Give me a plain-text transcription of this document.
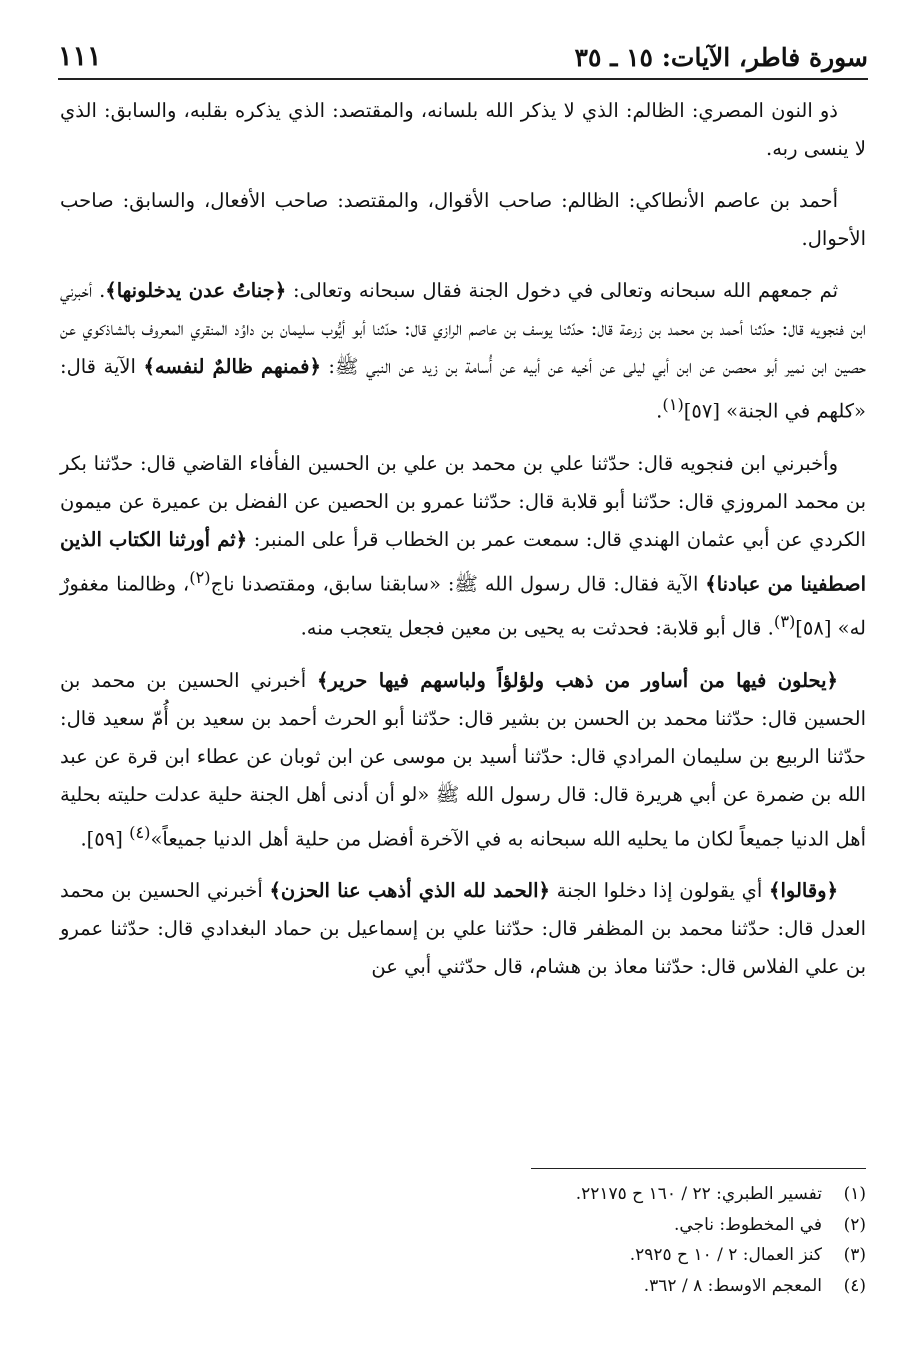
سورة فاطر، الآيات: ١٥ ـ ٣٥
١١١

ذو النون المصري: الظالم: الذي لا يذكر الله بلسانه، والمقتصد: الذي يذكره بقلبه، والسابق: الذي لا ينسى ربه.

أحمد بن عاصم الأنطاكي: الظالم: صاحب الأقوال، والمقتصد: صاحب الأفعال، والسابق: صاحب الأحوال.

ثم جمعهم الله سبحانه وتعالى في دخول الجنة فقال سبحانه وتعالى: ﴿جناتُ عدن يدخلونها﴾. أخبرني ابن فنجويه قال: حدّثنا أحمد بن محمد بن زرعة قال: حدّثنا يوسف بن عاصم الرازي قال: حدّثنا أبو أيُّوب سليمان بن داوُد المنقري المعروف بالشاذكوي عن حصين ابن نمير أبو محصن عن ابن أبي ليلى عن أخيه عن أبيه عن أُسامة بن زيد عن النبي ﷺ: ﴿فمنهم ظالمٌ لنفسه﴾ الآية قال: «كلهم في الجنة» [٥٧]$^{(١)}$.

وأخبرني ابن فنجويه قال: حدّثنا علي بن محمد بن علي بن الحسين الفأفاء القاضي قال: حدّثنا بكر بن محمد المروزي قال: حدّثنا أبو قلابة قال: حدّثنا عمرو بن الحصين عن الفضل بن عميرة عن ميمون الكردي عن أبي عثمان الهندي قال: سمعت عمر بن الخطاب قرأ على المنبر: ﴿ثم أورثنا الكتاب الذين اصطفينا من عبادنا﴾ الآية فقال: قال رسول الله ﷺ: «سابقنا سابق، ومقتصدنا ناج$^{(٢)}$، وظالمنا مغفورٌ له» [٥٨]$^{(٣)}$. قال أبو قلابة: فحدثت به يحيى بن معين فجعل يتعجب منه.

﴿يحلون فيها من أساور من ذهب ولؤلؤاً ولباسهم فيها حرير﴾ أخبرني الحسين بن محمد بن الحسين قال: حدّثنا محمد بن الحسن بن بشير قال: حدّثنا أبو الحرث أحمد بن سعيد بن أُمّ سعيد قال: حدّثنا الربيع بن سليمان المرادي قال: حدّثنا أسيد بن موسى عن ابن ثوبان عن عطاء ابن قرة عن عبد الله بن ضمرة عن أبي هريرة قال: قال رسول الله ﷺ «لو أن أدنى أهل الجنة حلية عدلت حليته بحلية أهل الدنيا جميعاً لكان ما يحليه الله سبحانه به في الآخرة أفضل من حلية أهل الدنيا جميعاً»$^{(٤)}$ [٥٩].

﴿وقالوا﴾ أي يقولون إذا دخلوا الجنة ﴿الحمد لله الذي أذهب عنا الحزن﴾ أخبرني الحسين بن محمد العدل قال: حدّثنا محمد بن المظفر قال: حدّثنا علي بن إسماعيل بن حماد البغدادي قال: حدّثنا عمرو بن علي الفلاس قال: حدّثنا معاذ بن هشام، قال حدّثني أبي عن

(١)
تفسير الطبري: ٢٢ / ١٦٠ ح ٢٢١٧٥.
(٢)
في المخطوط: ناجي.
(٣)
كنز العمال: ٢ / ١٠ ح ٢٩٢٥.
(٤)
المعجم الاوسط: ٨ / ٣٦٢.
